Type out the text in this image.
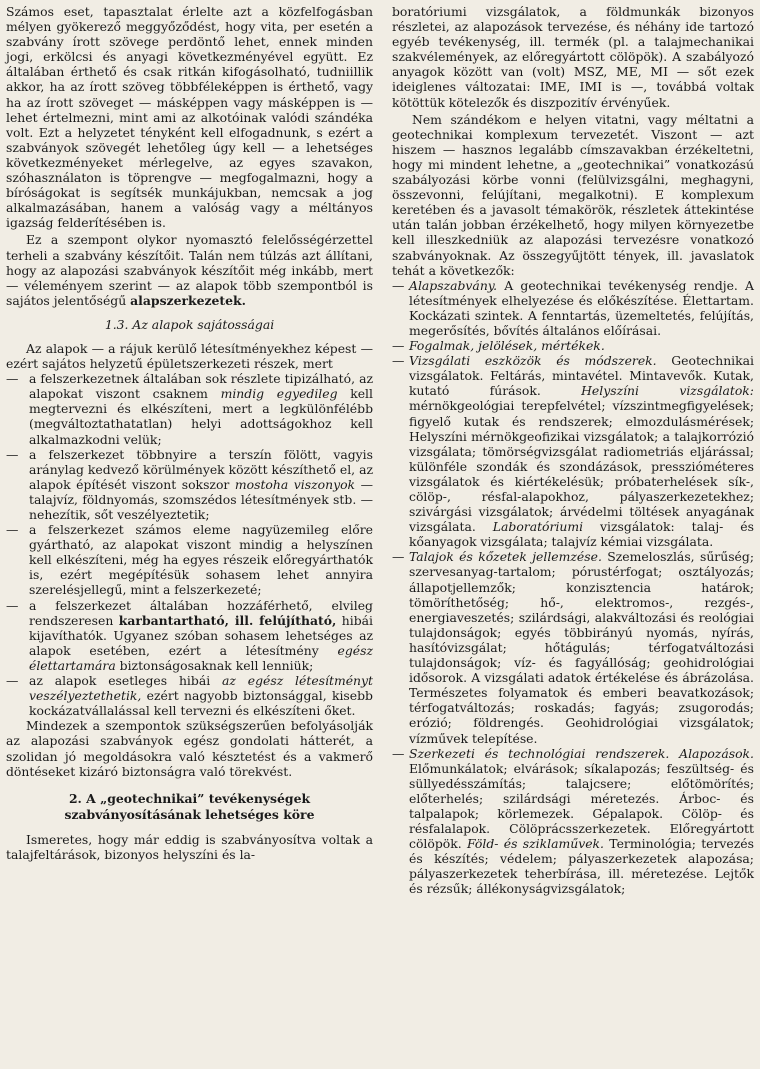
Számos eset, tapasztalat érlelte azt a közfelfogásban mélyen gyökerező meggyőződést, hogy vita, per esetén a szabvány írott szövege perdöntő lehet, ennek minden jogi, erkölcsi és anyagi következményével együtt. Ez általában érthető és csak ritkán kifogásolható, tudniillik akkor, ha az írott szöveg többféleképpen is érthető, vagy ha az írott szöveget — másképpen vagy másképpen is — lehet értelmezni, mint ami az alkotóinak valódi szándéka volt. Ezt a helyzetet tényként kell elfogadnunk, s ezért a szabványok szövegét lehetőleg úgy kell — a lehetséges következményeket mérlegelve, az egyes szavakon, szóhasználaton is töprengve — megfogalmazni, hogy a bíróságokat is segítsék munkájukban, nemcsak a jog alkalmazásában, hanem a valóság vagy a méltányos igazság felderítésében is.

Ez a szempont olykor nyomasztó felelősségérzettel terheli a szabvány készítőit. Talán nem túlzás azt állítani, hogy az alapozási szabványok készítőit még inkább, mert — véleményem szerint — az alapok több szempontból is sajátos jelentőségű alapszerkezetek.

1.3. Az alapok sajátosságai

Az alapok — a rájuk kerülő létesítményekhez képest — ezért sajátos helyzetű épületszerkezeti részek, mert

— a felszerkezetnek általában sok részlete tipizálható, az alapokat viszont csaknem mindig egyedileg kell megtervezni és elkészíteni, mert a legkülönfélébb (megváltoztathatatlan) helyi adottságokhoz kell alkalmazkodni velük;
— a felszerkezet többnyire a terszín fölött, vagyis aránylag kedvező körülmények között készíthető el, az alapok építését viszont sokszor mostoha viszonyok — talajvíz, földnyomás, szomszédos létesítmények stb. — nehezítik, sőt veszélyeztetik;
— a felszerkezet számos eleme nagyüzemileg előre gyártható, az alapokat viszont mindig a helyszínen kell elkészíteni, még ha egyes részeik előregyárthatók is, ezért megépítésük sohasem lehet annyira szerelésjellegű, mint a felszerkezeté;
— a felszerkezet általában hozzáférhető, elvileg rendszeresen karbantartható, ill. felújítható, hibái kijavíthatók. Ugyanez szóban sohasem lehetséges az alapok esetében, ezért a létesítmény egész élettartamára biztonságosaknak kell lenniük;
— az alapok esetleges hibái az egész létesítményt veszélyeztethetik, ezért nagyobb biztonsággal, kisebb kockázatvállalással kell tervezni és elkészíteni őket.

Mindezek a szempontok szükségszerűen befolyásolják az alapozási szabványok egész gondolati hátterét, a szolidan jó megoldásokra való késztetést és a vakmerő döntéseket kizáró biztonságra való törekvést.

2. A „geotechnikai” tevékenységek
szabványosításának lehetséges köre

Ismeretes, hogy már eddig is szabványosítva voltak a talajfeltárások, bizonyos helyszíni és la-

boratóriumi vizsgálatok, a földmunkák bizonyos részletei, az alapozások tervezése, és néhány ide tartozó egyéb tevékenység, ill. termék (pl. a talajmechanikai szakvélemények, az előregyártott cölöpök). A szabályozó anyagok között van (volt) MSZ, ME, MI — sőt ezek ideiglenes változatai: IME, IMI is —, továbbá voltak kötöttük kötelezők és diszpozitív érvényűek.

Nem szándékom e helyen vitatni, vagy méltatni a geotechnikai komplexum tervezetét. Viszont — azt hiszem — hasznos legalább címszavakban érzékeltetni, hogy mi mindent lehetne, a „geotechnikai” vonatkozású szabályozási körbe vonni (felülvizsgálni, meghagyni, összevonni, felújítani, megalkotni). E komplexum keretében és a javasolt témakörök, részletek áttekintése után talán jobban érzékelhető, hogy milyen környezetbe kell illeszkedniük az alapozási tervezésre vonatkozó szabványoknak. Az összegyűjtött tények, ill. javaslatok tehát a következők:

— Alapszabvány. A geotechnikai tevékenység rendje. A létesítmények elhelyezése és előkészítése. Élettartam. Kockázati szintek. A fenntartás, üzemeltetés, felújítás, megerősítés, bővítés általános előírásai.
— Fogalmak, jelölések, mértékek.
— Vizsgálati eszközök és módszerek. Geotechnikai vizsgálatok. Feltárás, mintavétel. Mintavevők. Kutak, kutató fúrások. Helyszíni vizsgálatok: mérnökgeológiai terepfelvétel; vízszintmegfigyelések; figyelő kutak és rendszerek; elmozdulásmérések; Helyszíni mérnökgeofizikai vizsgálatok; a talajkorrózió vizsgálata; tömörségvizsgálat radiometriás eljárással; különféle szondák és szondázások, presszióméteres vizsgálatok és kiértékelésük; próbaterhelések sík-, cölöp-, résfal-alapokhoz, pályaszerkezetekhez; szivárgási vizsgálatok; árvédelmi töltések anyagának vizsgálata. Laboratóriumi vizsgálatok: talaj- és kőanyagok vizsgálata; talajvíz kémiai vizsgálata.
— Talajok és kőzetek jellemzése. Szemeloszlás, sűrűség; szervesanyag-tartalom; pórustérfogat; osztályozás; állapotjellemzők; konzisztencia határok; tömöríthetőség; hő-, elektromos-, rezgés-, energiaveszetés; szilárdsági, alakváltozási és reológiai tulajdonságok; egyés többirányú nyomás, nyírás, hasítóvizsgálat; hőtágulás; térfogatváltozási tulajdonságok; víz- és fagyállóság; geohidrológiai idősorok. A vizsgálati adatok értékelése és ábrázolása. Természetes folyamatok és emberi beavatkozások; térfogatváltozás; roskadás; fagyás; zsugorodás; erózió; földrengés. Geohidrológiai vizsgálatok; vízművek telepítése.
— Szerkezeti és technológiai rendszerek. Alapozások. Előmunkálatok; elvárások; síkalapozás; feszültség- és süllyedésszámítás; talajcsere; előtömörítés; előterhelés; szilárdsági méretezés. Árboc- és talpalapok; körlemezek. Gépalapok. Cölöp- és résfalalapok. Cölöprácsszerkezetek. Előregyártott cölöpök. Föld- és sziklaművek. Terminológia; tervezés és készítés; védelem; pályaszerkezetek alapozása; pályaszerkezetek teherbírása, ill. méretezése. Lejtők és rézsűk; állékonyságvizsgálatok;
